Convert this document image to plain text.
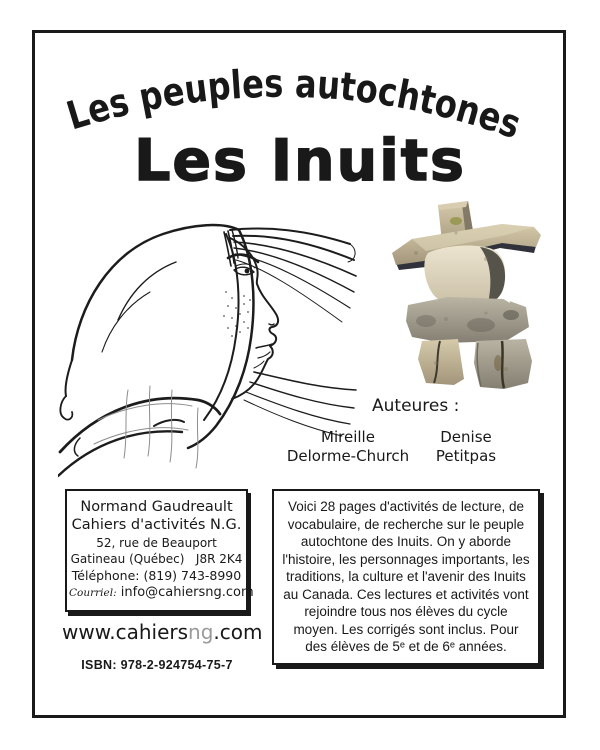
Les peuples autochtones
Les Inuits
Auteures :
Mireille
Delorme-Church
Denise
Petitpas
Normand Gaudreault
Cahiers d'activités N.G.
52, rue de Beauport
Gatineau (Québec)   J8R 2K4
Téléphone: (819) 743-8990
Courriel: info@cahiersng.com
www.cahiersng.com
ISBN: 978-2-924754-75-7

Voici 28 pages d'activités de lecture, de vocabulaire, de recherche sur le peuple autochtone des Inuits. On y aborde l'histoire, les personnages importants, les traditions, la culture et l'avenir des Inuits au Canada. Ces lectures et activités vont rejoindre tous nos élèves du cycle moyen. Les corrigés sont inclus. Pour des élèves de 5ᵉ et de 6ᵉ années.
